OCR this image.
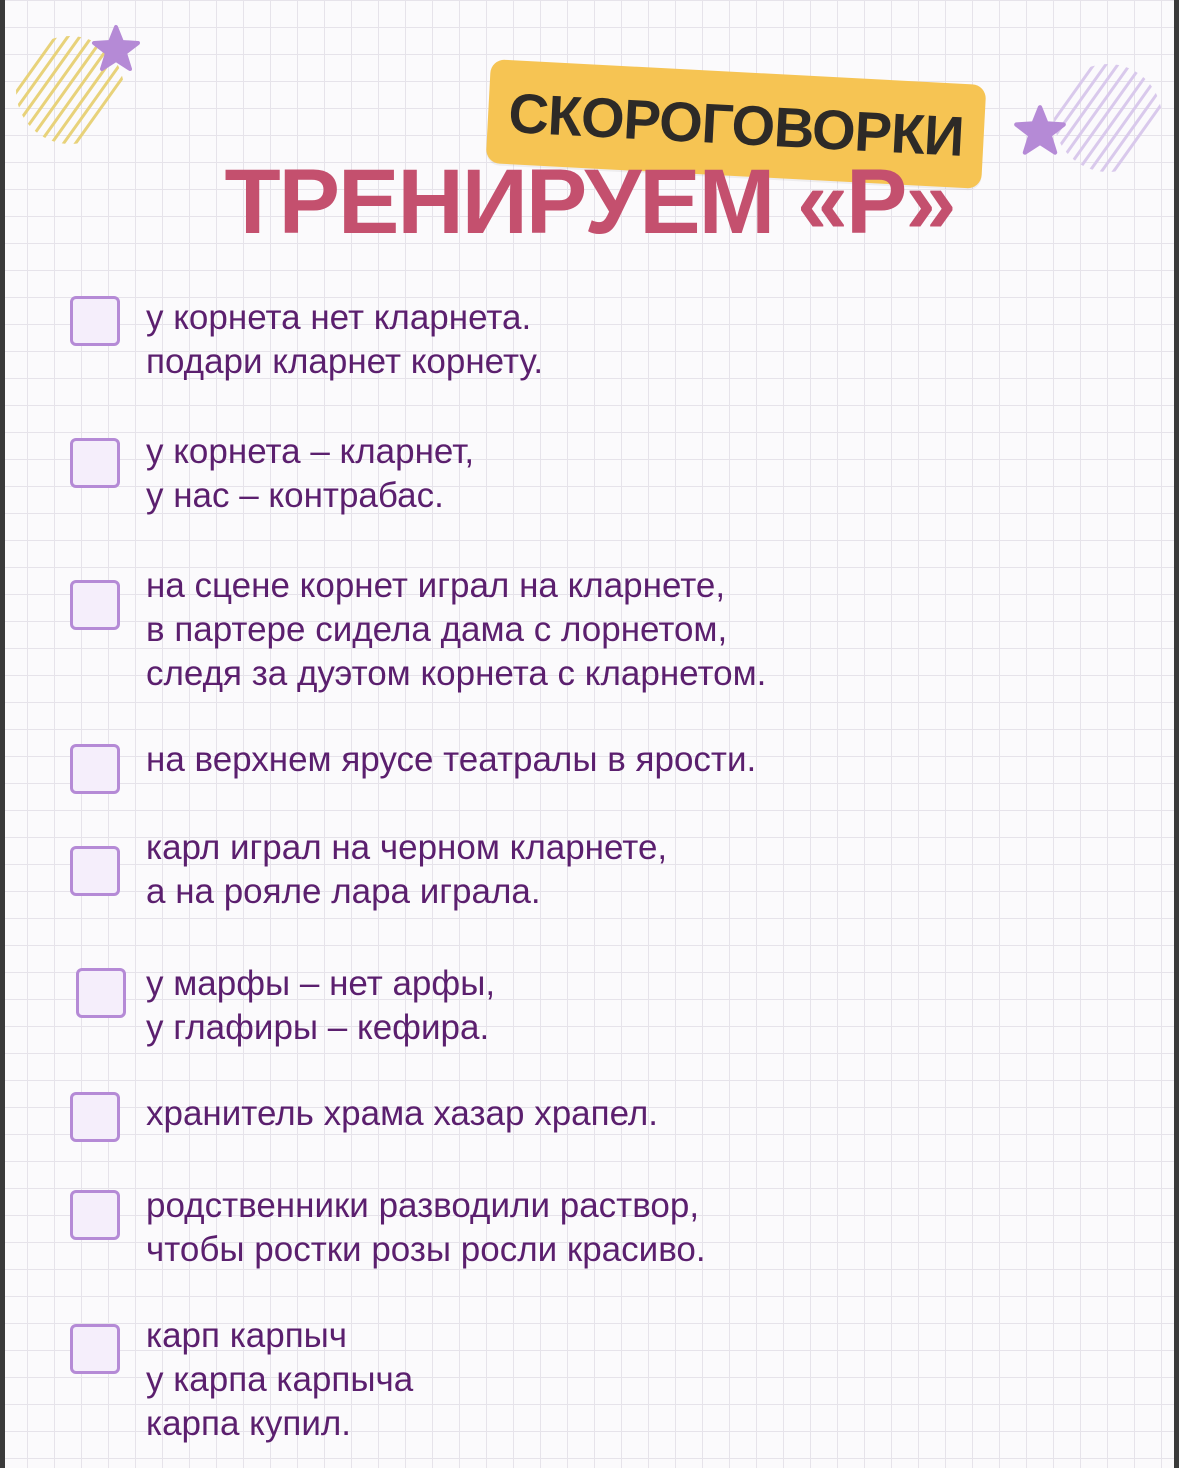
СКОРОГОВОРКИ
ТРЕНИРУЕМ «Р»
у корнета нет кларнета.
подари кларнет корнету.
у корнета – кларнет,
у нас – контрабас.
на сцене корнет играл на кларнете,
в партере сидела дама с лорнетом,
следя за дуэтом корнета с кларнетом.
на верхнем ярусе театралы в ярости.
карл играл на черном кларнете,
а на рояле лара играла.
у марфы – нет арфы,
у глафиры – кефира.
хранитель храма хазар храпел.
родственники разводили раствор,
чтобы ростки розы росли красиво.
карп карпыч
у карпа карпыча
карпа купил.
